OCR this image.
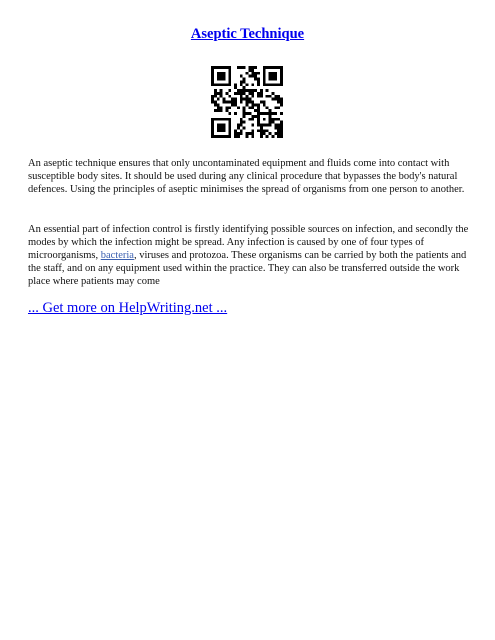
Aseptic Technique

An aseptic technique ensures that only uncontaminated equipment and fluids come into contact with susceptible body sites. It should be used during any clinical procedure that bypasses the body's natural defences. Using the principles of aseptic minimises the spread of organisms from one person to another.

An essential part of infection control is firstly identifying possible sources on infection, and secondly the modes by which the infection might be spread. Any infection is caused by one of four types of microorganisms, bacteria, viruses and protozoa. These organisms can be carried by both the patients and the staff, and on any equipment used within the practice. They can also be transferred outside the work place where patients may come

... Get more on HelpWriting.net ...
